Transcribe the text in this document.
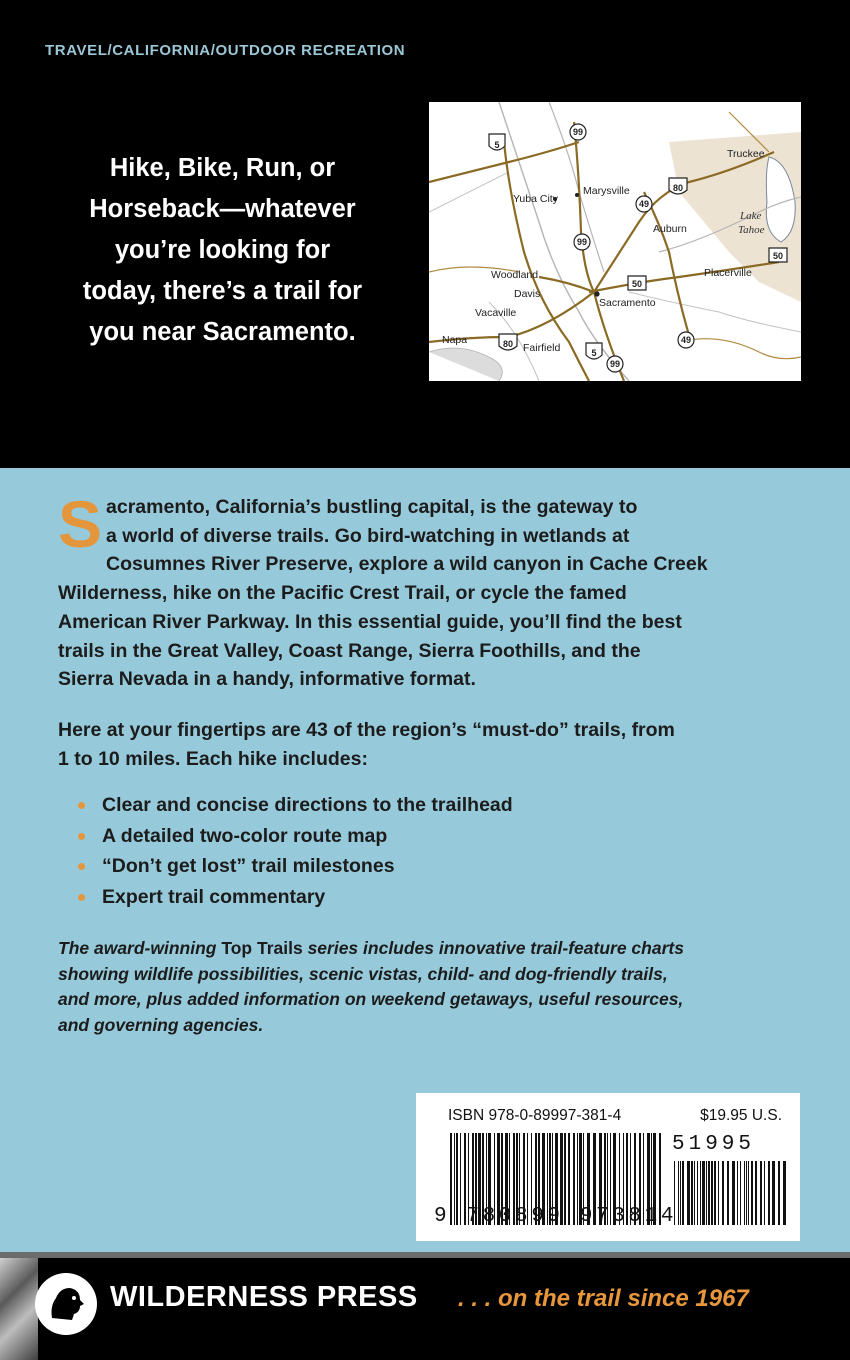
TRAVEL/CALIFORNIA/OUTDOOR RECREATION
Hike, Bike, Run, or
Horseback—whatever
you’re looking for
today, there’s a trail for
you near Sacramento.
5
99
80
49
50
99
50
80
5
99
49
Truckee
Yuba City
Marysville
Auburn
Lake
Tahoe
Woodland
Davis
Placerville
Sacramento
Vacaville
Napa
Fairfield
S acramento, California’s bustling capital, is the gateway to
a world of diverse trails. Go bird-watching in wetlands at
Cosumnes River Preserve, explore a wild canyon in Cache Creek
Wilderness, hike on the Pacific Crest Trail, or cycle the famed
American River Parkway. In this essential guide, you’ll find the best
trails in the Great Valley, Coast Range, Sierra Foothills, and the
Sierra Nevada in a handy, informative format.
Here at your fingertips are 43 of the region’s “must-do” trails, from
1 to 10 miles. Each hike includes:
Clear and concise directions to the trailhead
A detailed two-color route map
“Don’t get lost” trail milestones
Expert trail commentary
The award-winning Top Trails series includes innovative trail-feature charts
showing wildlife possibilities, scenic vistas, child- and dog-friendly trails,
and more, plus added information on weekend getaways, useful resources,
and governing agencies.
ISBN 978-0-89997-381-4	$19.95 U.S.
51995
9 780899 973814
WILDERNESS PRESS . . . on the trail since 1967
